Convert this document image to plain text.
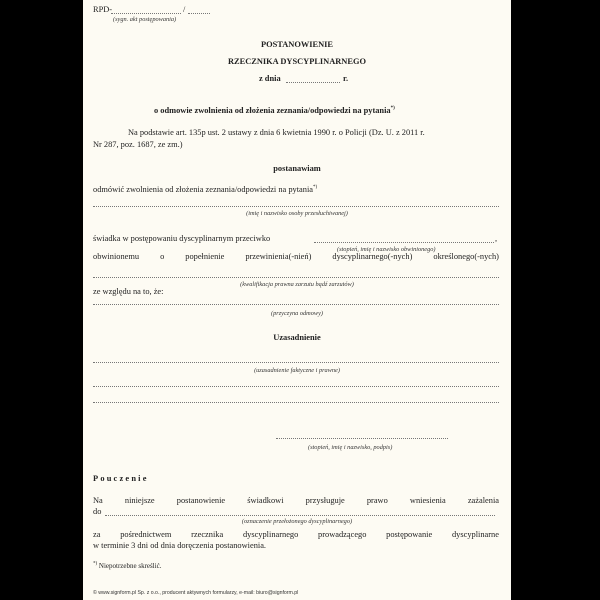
RPD-	/
(sygn. akt postępowania)
POSTANOWIENIE
RZECZNIKA DYSCYPLINARNEGO
z dnia	r.
o odmowie zwolnienia od złożenia zeznania/odpowiedzi na pytania*)
Na podstawie art. 135p ust. 2 ustawy z dnia 6 kwietnia 1990 r. o Policji (Dz. U. z 2011 r.
Nr 287, poz. 1687, ze zm.)
postanawiam
odmówić zwolnienia od złożenia zeznania/odpowiedzi na pytania*)
(imię i nazwisko osoby przesłuchiwanej)
świadka w postępowaniu dyscyplinarnym przeciwko	,
(stopień, imię i nazwisko obwinionego)
obwinionemu	o	popełnienie	przewinienia(-nień)	dyscyplinarnego(-nych)	określonego(-nych)
(kwalifikacja prawna zarzutu bądź zarzutów)
ze względu na to, że:
(przyczyna odmowy)
Uzasadnienie
(uzasadnienie faktyczne i prawne)
(stopień, imię i nazwisko, podpis)
Pouczenie
Na	niniejsze	postanowienie	świadkowi	przysługuje	prawo	wniesienia	zażalenia
do
(oznaczenie przełożonego dyscyplinarnego)
za pośrednictwem rzecznika dyscyplinarnego prowadzącego postępowanie dyscyplinarne
w terminie 3 dni od dnia doręczenia postanowienia.
*) Niepotrzebne skreślić.
© www.signform.pl Sp. z o.o., producent aktywnych formularzy, e-mail: biuro@signform.pl
